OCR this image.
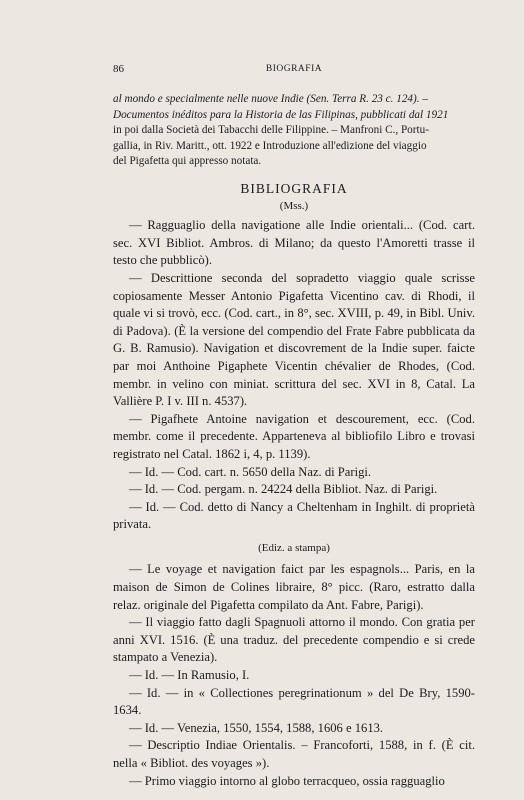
86	BIOGRAFIA

al mondo e specialmente nelle nuove Indie (Sen. Terra R. 23 c. 124). –

Documentos inéditos para la Historia de las Filipinas, pubblicati dal 1921

in poi dalla Società dei Tabacchi delle Filippine. – Manfroni C., Portu-

gallia, in Riv. Maritt., ott. 1922 e Introduzione all'edizione del viaggio

del Pigafetta qui appresso notata.

BIBLIOGRAFIA
(Mss.)

— Ragguaglio della navigatione alle Indie orientali... (Cod. cart. sec. XVI Bibliot. Ambros. di Milano; da questo l'Amoretti trasse il testo che pubblicò).

— Descrittione seconda del sopradetto viaggio quale scrisse copiosamente Messer Antonio Pigafetta Vicentino cav. di Rhodi, il quale vi si trovò, ecc. (Cod. cart., in 8°, sec. XVIII, p. 49, in Bibl. Univ. di Padova). (È la versione del compendio del Frate Fabre pubblicata da G. B. Ramusio). Navigation et discovrement de la Indie super. faicte par moi Anthoine Pigaphete Vicentin chévalier de Rhodes, (Cod. membr. in velino con miniat. scrittura del sec. XVI in 8, Catal. La Vallière P. I v. III n. 4537).

— Pigafhete Antoine navigation et descourement, ecc. (Cod. membr. come il precedente. Apparteneva al bibliofilo Libro e trovasi registrato nel Catal. 1862 i, 4, p. 1139).

— Id. — Cod. cart. n. 5650 della Naz. di Parigi.

— Id. — Cod. pergam. n. 24224 della Bibliot. Naz. di Parigi.

— Id. — Cod. detto di Nancy a Cheltenham in Inghilt. di proprietà privata.

(Ediz. a stampa)

— Le voyage et navigation faict par les espagnols... Paris, en la maison de Simon de Colines libraire, 8° picc. (Raro, estratto dalla relaz. originale del Pigafetta compilato da Ant. Fabre, Parigi).

— Il viaggio fatto dagli Spagnuoli attorno il mondo. Con gratia per anni XVI. 1516. (È una traduz. del precedente compendio e si crede stampato a Venezia).

— Id. — In Ramusio, I.

— Id. — in « Collectiones peregrinationum » del De Bry, 1590-1634.

— Id. — Venezia, 1550, 1554, 1588, 1606 e 1613.

— Descriptio Indiae Orientalis. – Francoforti, 1588, in f. (È cit. nella « Bibliot. des voyages »).

— Primo viaggio intorno al globo terracqueo, ossia ragguaglio
